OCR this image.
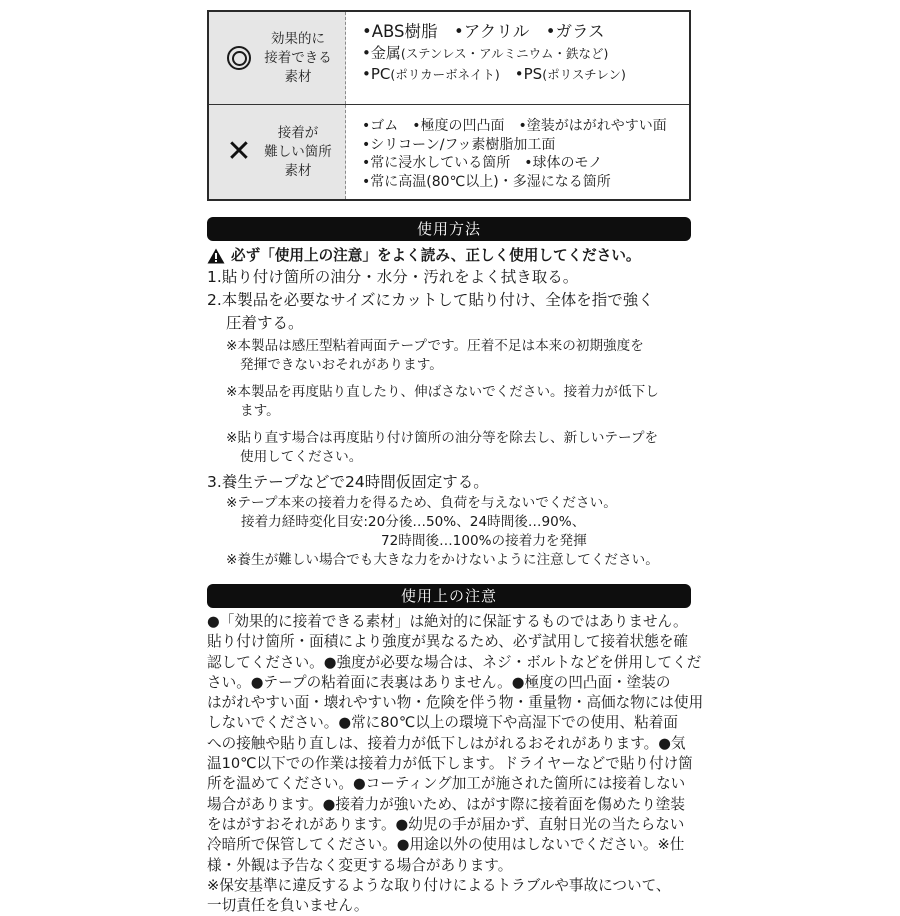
効果的に
接着できる
素材
•ABS樹脂　•アクリル　•ガラス
•金属(ステンレス・アルミニウム・鉄など)
•PC(ポリカーボネイト)　•PS(ポリスチレン)
✕
接着が
難しい箇所
素材
•ゴム　•極度の凹凸面　•塗装がはがれやすい面
•シリコーン/フッ素樹脂加工面
•常に浸水している箇所　•球体のモノ
•常に高温(80℃以上)・多湿になる箇所
使用方法
必ず「使用上の注意」をよく読み、正しく使用してください。
1.貼り付け箇所の油分・水分・汚れをよく拭き取る。
2.本製品を必要なサイズにカットして貼り付け、全体を指で強く
圧着する。
※本製品は感圧型粘着両面テープです。圧着不足は本来の初期強度を
発揮できないおそれがあります。
※本製品を再度貼り直したり、伸ばさないでください。接着力が低下し
ます。
※貼り直す場合は再度貼り付け箇所の油分等を除去し、新しいテープを
使用してください。
3.養生テープなどで24時間仮固定する。
※テープ本来の接着力を得るため、負荷を与えないでください。
接着力経時変化目安:20分後…50%、24時間後…90%、
72時間後…100%の接着力を発揮
※養生が難しい場合でも大きな力をかけないように注意してください。
使用上の注意
●「効果的に接着できる素材」は絶対的に保証するものではありません。
貼り付け箇所・面積により強度が異なるため、必ず試用して接着状態を確
認してください。●強度が必要な場合は、ネジ・ボルトなどを併用してくだ
さい。●テープの粘着面に表裏はありません。●極度の凹凸面・塗装の
はがれやすい面・壊れやすい物・危険を伴う物・重量物・高価な物には使用
しないでください。●常に80℃以上の環境下や高湿下での使用、粘着面
への接触や貼り直しは、接着力が低下しはがれるおそれがあります。●気
温10℃以下での作業は接着力が低下します。ドライヤーなどで貼り付け箇
所を温めてください。●コーティング加工が施された箇所には接着しない
場合があります。●接着力が強いため、はがす際に接着面を傷めたり塗装
をはがすおそれがあります。●幼児の手が届かず、直射日光の当たらない
冷暗所で保管してください。●用途以外の使用はしないでください。※仕
様・外観は予告なく変更する場合があります。
※保安基準に違反するような取り付けによるトラブルや事故について、
一切責任を負いません。
